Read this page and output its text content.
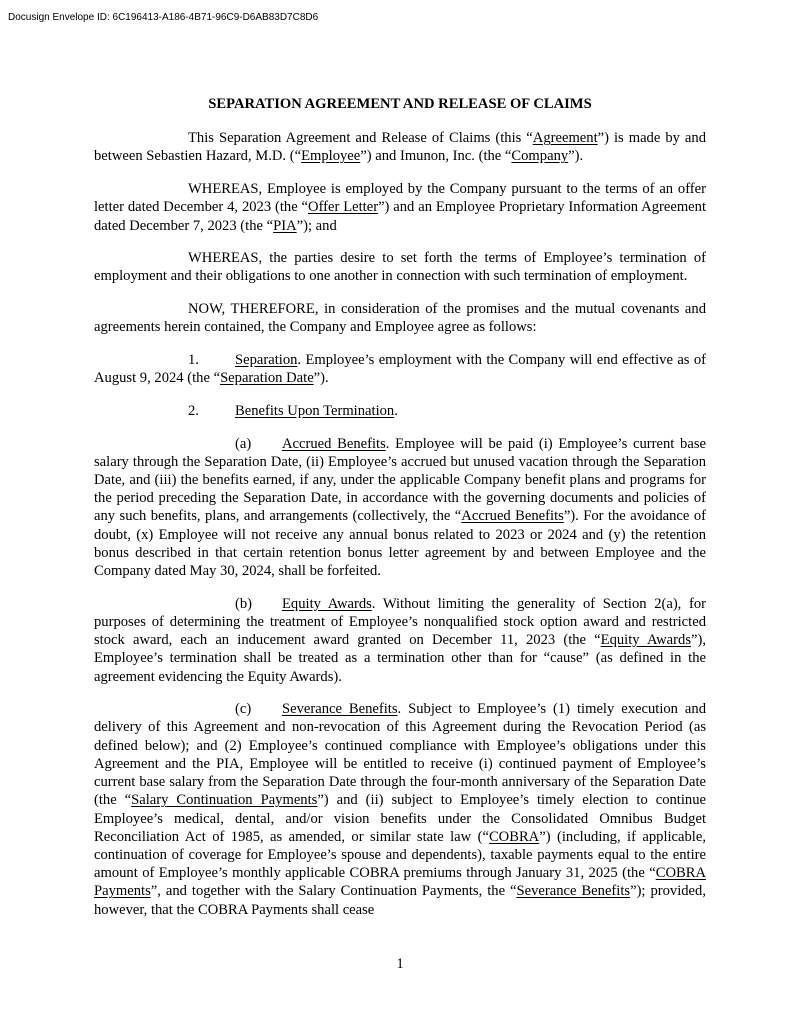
Docusign Envelope ID: 6C196413-A186-4B71-96C9-D6AB83D7C8D6
SEPARATION AGREEMENT AND RELEASE OF CLAIMS

This Separation Agreement and Release of Claims (this “Agreement”) is made by and between Sebastien Hazard, M.D. (“Employee”) and Imunon, Inc. (the “Company”).

WHEREAS, Employee is employed by the Company pursuant to the terms of an offer letter dated December 4, 2023 (the “Offer Letter”) and an Employee Proprietary Information Agreement dated December 7, 2023 (the “PIA”); and

WHEREAS, the parties desire to set forth the terms of Employee’s termination of employment and their obligations to one another in connection with such termination of employment.

NOW, THEREFORE, in consideration of the promises and the mutual covenants and agreements herein contained, the Company and Employee agree as follows:

1. Separation. Employee’s employment with the Company will end effective as of August 9, 2024 (the “Separation Date”).

2. Benefits Upon Termination.

(a) Accrued Benefits. Employee will be paid (i) Employee’s current base salary through the Separation Date, (ii) Employee’s accrued but unused vacation through the Separation Date, and (iii) the benefits earned, if any, under the applicable Company benefit plans and programs for the period preceding the Separation Date, in accordance with the governing documents and policies of any such benefits, plans, and arrangements (collectively, the “Accrued Benefits”). For the avoidance of doubt, (x) Employee will not receive any annual bonus related to 2023 or 2024 and (y) the retention bonus described in that certain retention bonus letter agreement by and between Employee and the Company dated May 30, 2024, shall be forfeited.

(b) Equity Awards. Without limiting the generality of Section 2(a), for purposes of determining the treatment of Employee’s nonqualified stock option award and restricted stock award, each an inducement award granted on December 11, 2023 (the “Equity Awards”), Employee’s termination shall be treated as a termination other than for “cause” (as defined in the agreement evidencing the Equity Awards).

(c) Severance Benefits. Subject to Employee’s (1) timely execution and delivery of this Agreement and non-revocation of this Agreement during the Revocation Period (as defined below); and (2) Employee’s continued compliance with Employee’s obligations under this Agreement and the PIA, Employee will be entitled to receive (i) continued payment of Employee’s current base salary from the Separation Date through the four-month anniversary of the Separation Date (the “Salary Continuation Payments”) and (ii) subject to Employee’s timely election to continue Employee’s medical, dental, and/or vision benefits under the Consolidated Omnibus Budget Reconciliation Act of 1985, as amended, or similar state law (“COBRA”) (including, if applicable, continuation of coverage for Employee’s spouse and dependents), taxable payments equal to the entire amount of Employee’s monthly applicable COBRA premiums through January 31, 2025 (the “COBRA Payments”, and together with the Salary Continuation Payments, the “Severance Benefits”); provided, however, that the COBRA Payments shall cease

1
